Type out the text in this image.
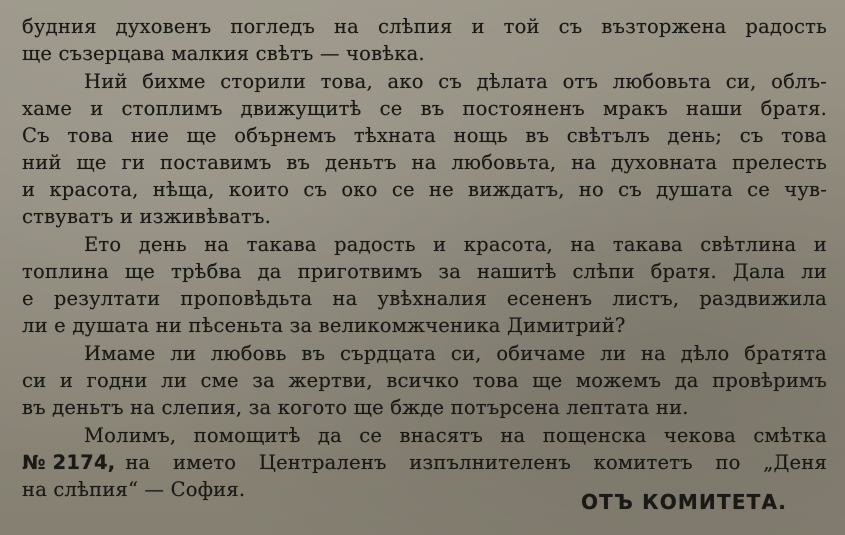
будния духовенъ погледъ на слѣпия и той съ възторжена радость
ще съзерцава малкия свѣтъ — човѣка.
Ний бихме сторили това, ако съ дѣлата отъ любовьта си, облъ-
хаме и стоплимъ движущитѣ се въ постояненъ мракъ наши братя.
Съ това ние ще обърнемъ тѣхната нощь въ свѣтълъ день; съ това
ний ще ги поставимъ въ деньтъ на любовьта, на духовната прелесть
и красота, нѣща, които съ око се не виждатъ, но съ душата се чув-
ствуватъ и изживѣватъ.
Ето день на такава радость и красота, на такава свѣтлина и
топлина ще трѣбва да приготвимъ за нашитѣ слѣпи братя. Дала ли
е резултати проповѣдьта на увѣхналия есененъ листъ, раздвижила
ли е душата ни пѣсеньта за великомжченика Димитрий?
Имаме ли любовь въ сърдцата си, обичаме ли на дѣло братята
си и годни ли сме за жертви, всичко това ще можемъ да провѣримъ
въ деньтъ на слепия, за когото ще бжде потърсена лептата ни.
Молимъ, помощитѣ да се внасятъ на пощенска чекова смѣтка
№ 2174, на името Централенъ изпълнителенъ комитетъ по „Деня
на слѣпия“ — София.
ОТЪ КОМИТЕТА.
